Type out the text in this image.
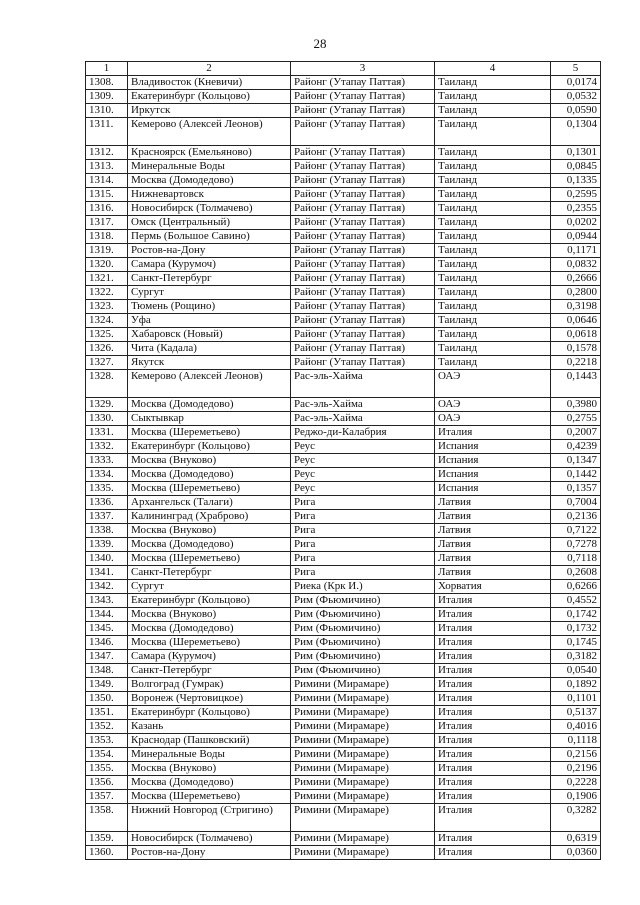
28
1	2	3	4	5
1308.	Владивосток (Кневичи)	Районг (Утапау Паттая)	Таиланд	0,0174
1309.	Екатеринбург (Кольцово)	Районг (Утапау Паттая)	Таиланд	0,0532
1310.	Иркутск	Районг (Утапау Паттая)	Таиланд	0,0590
1311.	Кемерово (Алексей Леонов)	Районг (Утапау Паттая)	Таиланд	0,1304
1312.	Красноярск (Емельяново)	Районг (Утапау Паттая)	Таиланд	0,1301
1313.	Минеральные Воды	Районг (Утапау Паттая)	Таиланд	0,0845
1314.	Москва (Домодедово)	Районг (Утапау Паттая)	Таиланд	0,1335
1315.	Нижневартовск	Районг (Утапау Паттая)	Таиланд	0,2595
1316.	Новосибирск (Толмачево)	Районг (Утапау Паттая)	Таиланд	0,2355
1317.	Омск (Центральный)	Районг (Утапау Паттая)	Таиланд	0,0202
1318.	Пермь (Большое Савино)	Районг (Утапау Паттая)	Таиланд	0,0944
1319.	Ростов-на-Дону	Районг (Утапау Паттая)	Таиланд	0,1171
1320.	Самара (Курумоч)	Районг (Утапау Паттая)	Таиланд	0,0832
1321.	Санкт-Петербург	Районг (Утапау Паттая)	Таиланд	0,2666
1322.	Сургут	Районг (Утапау Паттая)	Таиланд	0,2800
1323.	Тюмень (Рощино)	Районг (Утапау Паттая)	Таиланд	0,3198
1324.	Уфа	Районг (Утапау Паттая)	Таиланд	0,0646
1325.	Хабаровск (Новый)	Районг (Утапау Паттая)	Таиланд	0,0618
1326.	Чита (Кадала)	Районг (Утапау Паттая)	Таиланд	0,1578
1327.	Якутск	Районг (Утапау Паттая)	Таиланд	0,2218
1328.	Кемерово (Алексей Леонов)	Рас-эль-Хайма	ОАЭ	0,1443
1329.	Москва (Домодедово)	Рас-эль-Хайма	ОАЭ	0,3980
1330.	Сыктывкар	Рас-эль-Хайма	ОАЭ	0,2755
1331.	Москва (Шереметьево)	Реджо-ди-Калабрия	Италия	0,2007
1332.	Екатеринбург (Кольцово)	Реус	Испания	0,4239
1333.	Москва (Внуково)	Реус	Испания	0,1347
1334.	Москва (Домодедово)	Реус	Испания	0,1442
1335.	Москва (Шереметьево)	Реус	Испания	0,1357
1336.	Архангельск (Талаги)	Рига	Латвия	0,7004
1337.	Калининград (Храброво)	Рига	Латвия	0,2136
1338.	Москва (Внуково)	Рига	Латвия	0,7122
1339.	Москва (Домодедово)	Рига	Латвия	0,7278
1340.	Москва (Шереметьево)	Рига	Латвия	0,7118
1341.	Санкт-Петербург	Рига	Латвия	0,2608
1342.	Сургут	Риека (Крк И.)	Хорватия	0,6266
1343.	Екатеринбург (Кольцово)	Рим (Фьюмичино)	Италия	0,4552
1344.	Москва (Внуково)	Рим (Фьюмичино)	Италия	0,1742
1345.	Москва (Домодедово)	Рим (Фьюмичино)	Италия	0,1732
1346.	Москва (Шереметьево)	Рим (Фьюмичино)	Италия	0,1745
1347.	Самара (Курумоч)	Рим (Фьюмичино)	Италия	0,3182
1348.	Санкт-Петербург	Рим (Фьюмичино)	Италия	0,0540
1349.	Волгоград (Гумрак)	Римини (Мирамаре)	Италия	0,1892
1350.	Воронеж (Чертовицкое)	Римини (Мирамаре)	Италия	0,1101
1351.	Екатеринбург (Кольцово)	Римини (Мирамаре)	Италия	0,5137
1352.	Казань	Римини (Мирамаре)	Италия	0,4016
1353.	Краснодар (Пашковский)	Римини (Мирамаре)	Италия	0,1118
1354.	Минеральные Воды	Римини (Мирамаре)	Италия	0,2156
1355.	Москва (Внуково)	Римини (Мирамаре)	Италия	0,2196
1356.	Москва (Домодедово)	Римини (Мирамаре)	Италия	0,2228
1357.	Москва (Шереметьево)	Римини (Мирамаре)	Италия	0,1906
1358.	Нижний Новгород (Стригино)	Римини (Мирамаре)	Италия	0,3282
1359.	Новосибирск (Толмачево)	Римини (Мирамаре)	Италия	0,6319
1360.	Ростов-на-Дону	Римини (Мирамаре)	Италия	0,0360
